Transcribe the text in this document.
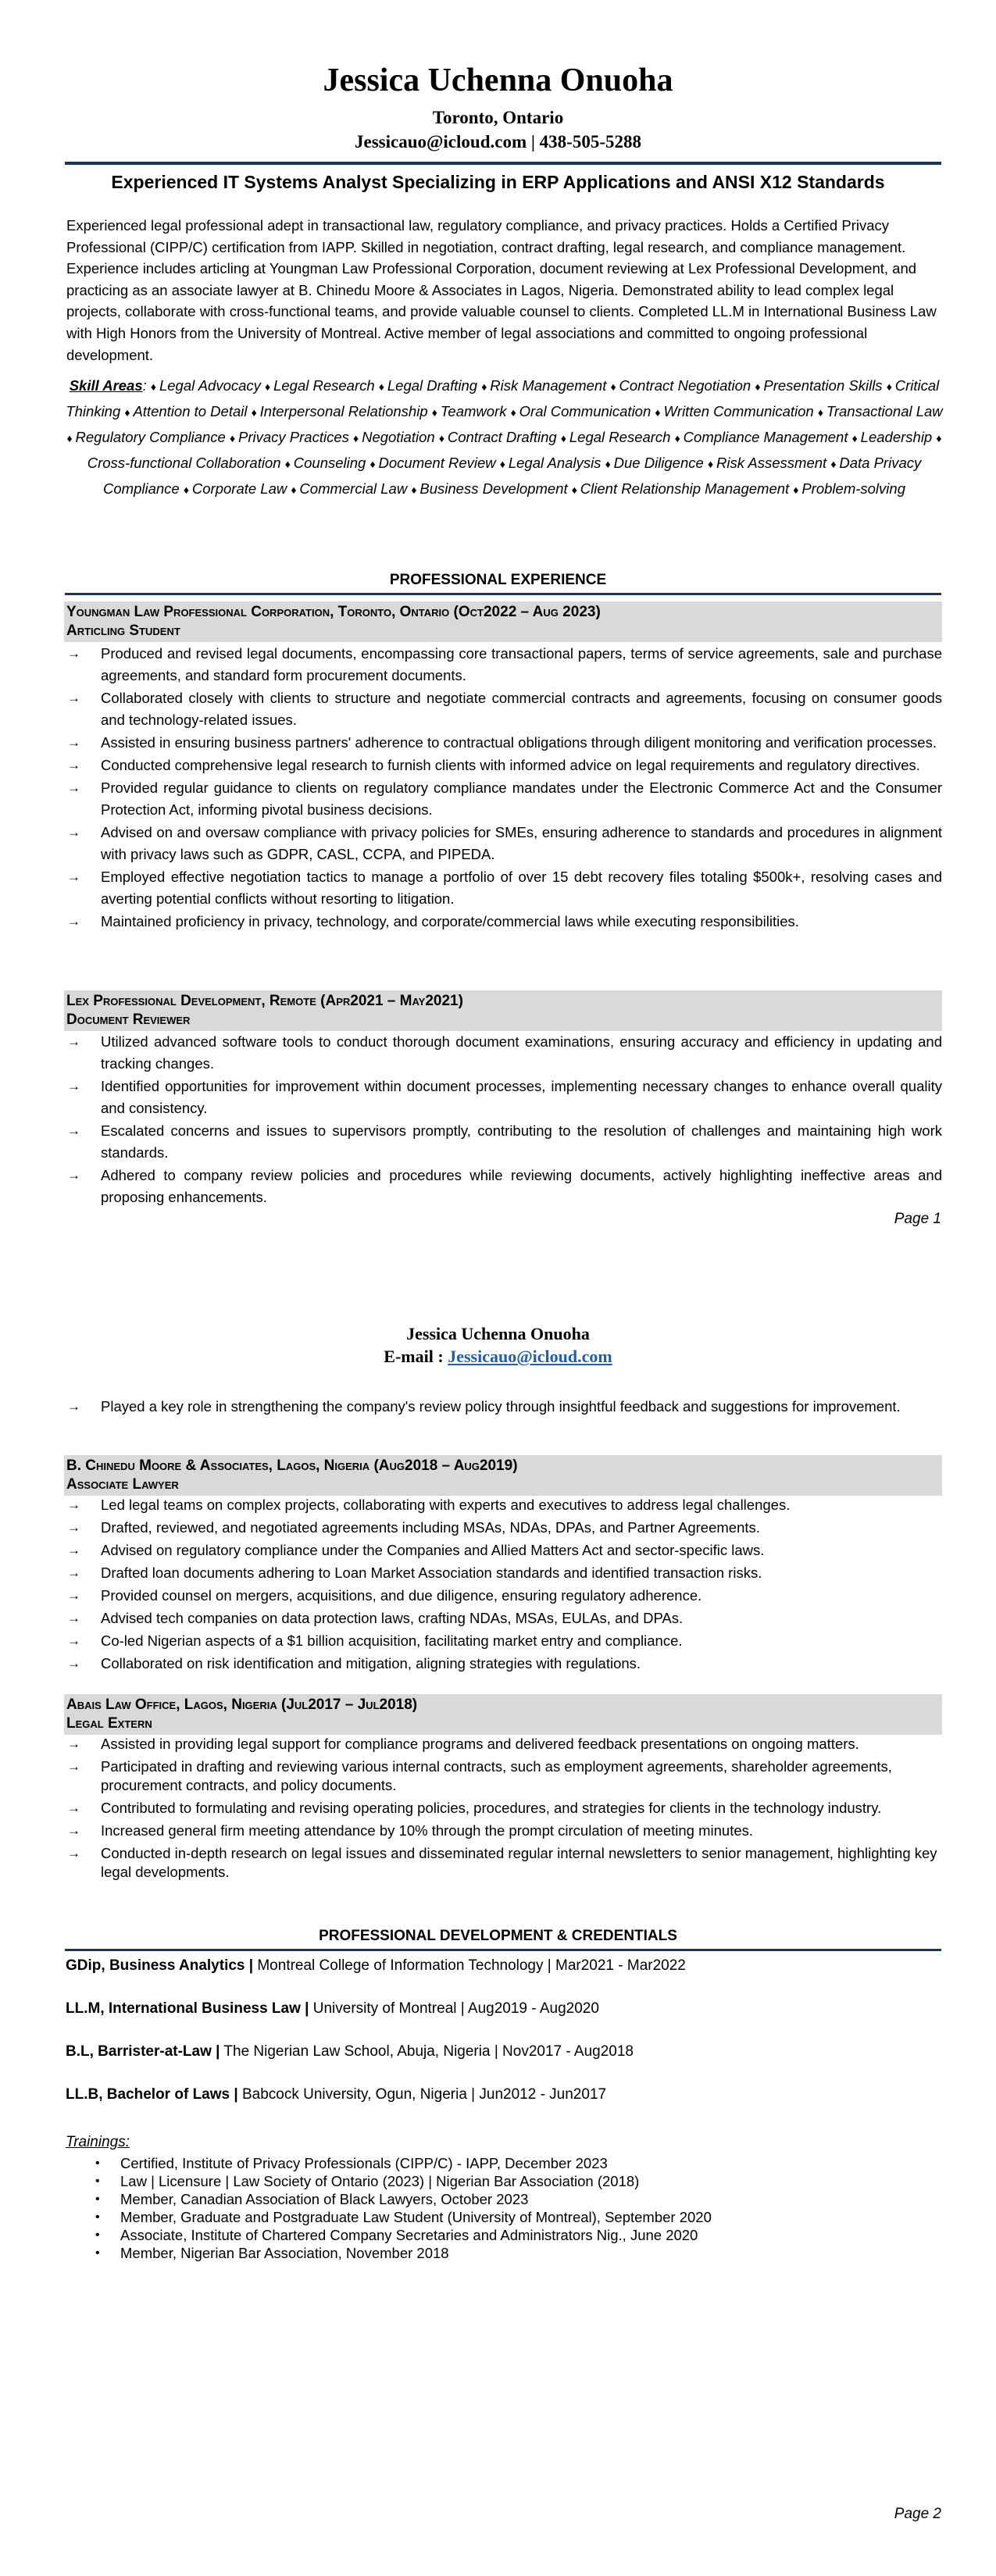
Jessica Uchenna Onuoha
Toronto, Ontario
Jessicauo@icloud.com | 438-505-5288
Experienced IT Systems Analyst Specializing in ERP Applications and ANSI X12 Standards
Experienced legal professional adept in transactional law, regulatory compliance, and privacy practices. Holds a Certified Privacy Professional (CIPP/C) certification from IAPP. Skilled in negotiation, contract drafting, legal research, and compliance management. Experience includes articling at Youngman Law Professional Corporation, document reviewing at Lex Professional Development, and practicing as an associate lawyer at B. Chinedu Moore & Associates in Lagos, Nigeria. Demonstrated ability to lead complex legal projects, collaborate with cross-functional teams, and provide valuable counsel to clients. Completed LL.M in International Business Law with High Honors from the University of Montreal. Active member of legal associations and committed to ongoing professional development.
Skill Areas: ♦ Legal Advocacy ♦ Legal Research ♦ Legal Drafting ♦ Risk Management ♦ Contract Negotiation ♦ Presentation Skills ♦ Critical Thinking ♦ Attention to Detail ♦ Interpersonal Relationship ♦ Teamwork ♦ Oral Communication ♦ Written Communication ♦ Transactional Law ♦ Regulatory Compliance ♦ Privacy Practices ♦ Negotiation ♦ Contract Drafting ♦ Legal Research ♦ Compliance Management ♦ Leadership ♦ Cross-functional Collaboration ♦ Counseling ♦ Document Review ♦ Legal Analysis ♦ Due Diligence ♦ Risk Assessment ♦ Data Privacy Compliance ♦ Corporate Law ♦ Commercial Law ♦ Business Development ♦ Client Relationship Management ♦ Problem-solving
PROFESSIONAL EXPERIENCE
Youngman Law Professional Corporation, Toronto, Ontario (Oct2022 – Aug 2023)
Articling Student
→ Produced and revised legal documents, encompassing core transactional papers, terms of service agreements, sale and purchase agreements, and standard form procurement documents.
→ Collaborated closely with clients to structure and negotiate commercial contracts and agreements, focusing on consumer goods and technology-related issues.
→ Assisted in ensuring business partners' adherence to contractual obligations through diligent monitoring and verification processes.
→ Conducted comprehensive legal research to furnish clients with informed advice on legal requirements and regulatory directives.
→ Provided regular guidance to clients on regulatory compliance mandates under the Electronic Commerce Act and the Consumer Protection Act, informing pivotal business decisions.
→ Advised on and oversaw compliance with privacy policies for SMEs, ensuring adherence to standards and procedures in alignment with privacy laws such as GDPR, CASL, CCPA, and PIPEDA.
→ Employed effective negotiation tactics to manage a portfolio of over 15 debt recovery files totaling $500k+, resolving cases and averting potential conflicts without resorting to litigation.
→ Maintained proficiency in privacy, technology, and corporate/commercial laws while executing responsibilities.
Lex Professional Development, Remote (Apr2021 – May2021)
Document Reviewer
→ Utilized advanced software tools to conduct thorough document examinations, ensuring accuracy and efficiency in updating and tracking changes.
→ Identified opportunities for improvement within document processes, implementing necessary changes to enhance overall quality and consistency.
→ Escalated concerns and issues to supervisors promptly, contributing to the resolution of challenges and maintaining high work standards.
→ Adhered to company review policies and procedures while reviewing documents, actively highlighting ineffective areas and proposing enhancements.
Page 1
Jessica Uchenna Onuoha
E-mail : Jessicauo@icloud.com
→ Played a key role in strengthening the company's review policy through insightful feedback and suggestions for improvement.
B. Chinedu Moore & Associates, Lagos, Nigeria (Aug2018 – Aug2019)
Associate Lawyer
→ Led legal teams on complex projects, collaborating with experts and executives to address legal challenges.
→ Drafted, reviewed, and negotiated agreements including MSAs, NDAs, DPAs, and Partner Agreements.
→ Advised on regulatory compliance under the Companies and Allied Matters Act and sector-specific laws.
→ Drafted loan documents adhering to Loan Market Association standards and identified transaction risks.
→ Provided counsel on mergers, acquisitions, and due diligence, ensuring regulatory adherence.
→ Advised tech companies on data protection laws, crafting NDAs, MSAs, EULAs, and DPAs.
→ Co-led Nigerian aspects of a $1 billion acquisition, facilitating market entry and compliance.
→ Collaborated on risk identification and mitigation, aligning strategies with regulations.
Abais Law Office, Lagos, Nigeria (Jul2017 – Jul2018)
Legal Extern
→ Assisted in providing legal support for compliance programs and delivered feedback presentations on ongoing matters.
→ Participated in drafting and reviewing various internal contracts, such as employment agreements, shareholder agreements, procurement contracts, and policy documents.
→ Contributed to formulating and revising operating policies, procedures, and strategies for clients in the technology industry.
→ Increased general firm meeting attendance by 10% through the prompt circulation of meeting minutes.
→ Conducted in-depth research on legal issues and disseminated regular internal newsletters to senior management, highlighting key legal developments.
PROFESSIONAL DEVELOPMENT & CREDENTIALS
GDip, Business Analytics | Montreal College of Information Technology | Mar2021 - Mar2022
LL.M, International Business Law | University of Montreal | Aug2019 - Aug2020
B.L, Barrister-at-Law | The Nigerian Law School, Abuja, Nigeria | Nov2017 - Aug2018
LL.B, Bachelor of Laws | Babcock University, Ogun, Nigeria | Jun2012 - Jun2017
Trainings:
• Certified, Institute of Privacy Professionals (CIPP/C) - IAPP, December 2023
• Law | Licensure | Law Society of Ontario (2023) | Nigerian Bar Association (2018)
• Member, Canadian Association of Black Lawyers, October 2023
• Member, Graduate and Postgraduate Law Student (University of Montreal), September 2020
• Associate, Institute of Chartered Company Secretaries and Administrators Nig., June 2020
• Member, Nigerian Bar Association, November 2018
Page 2
